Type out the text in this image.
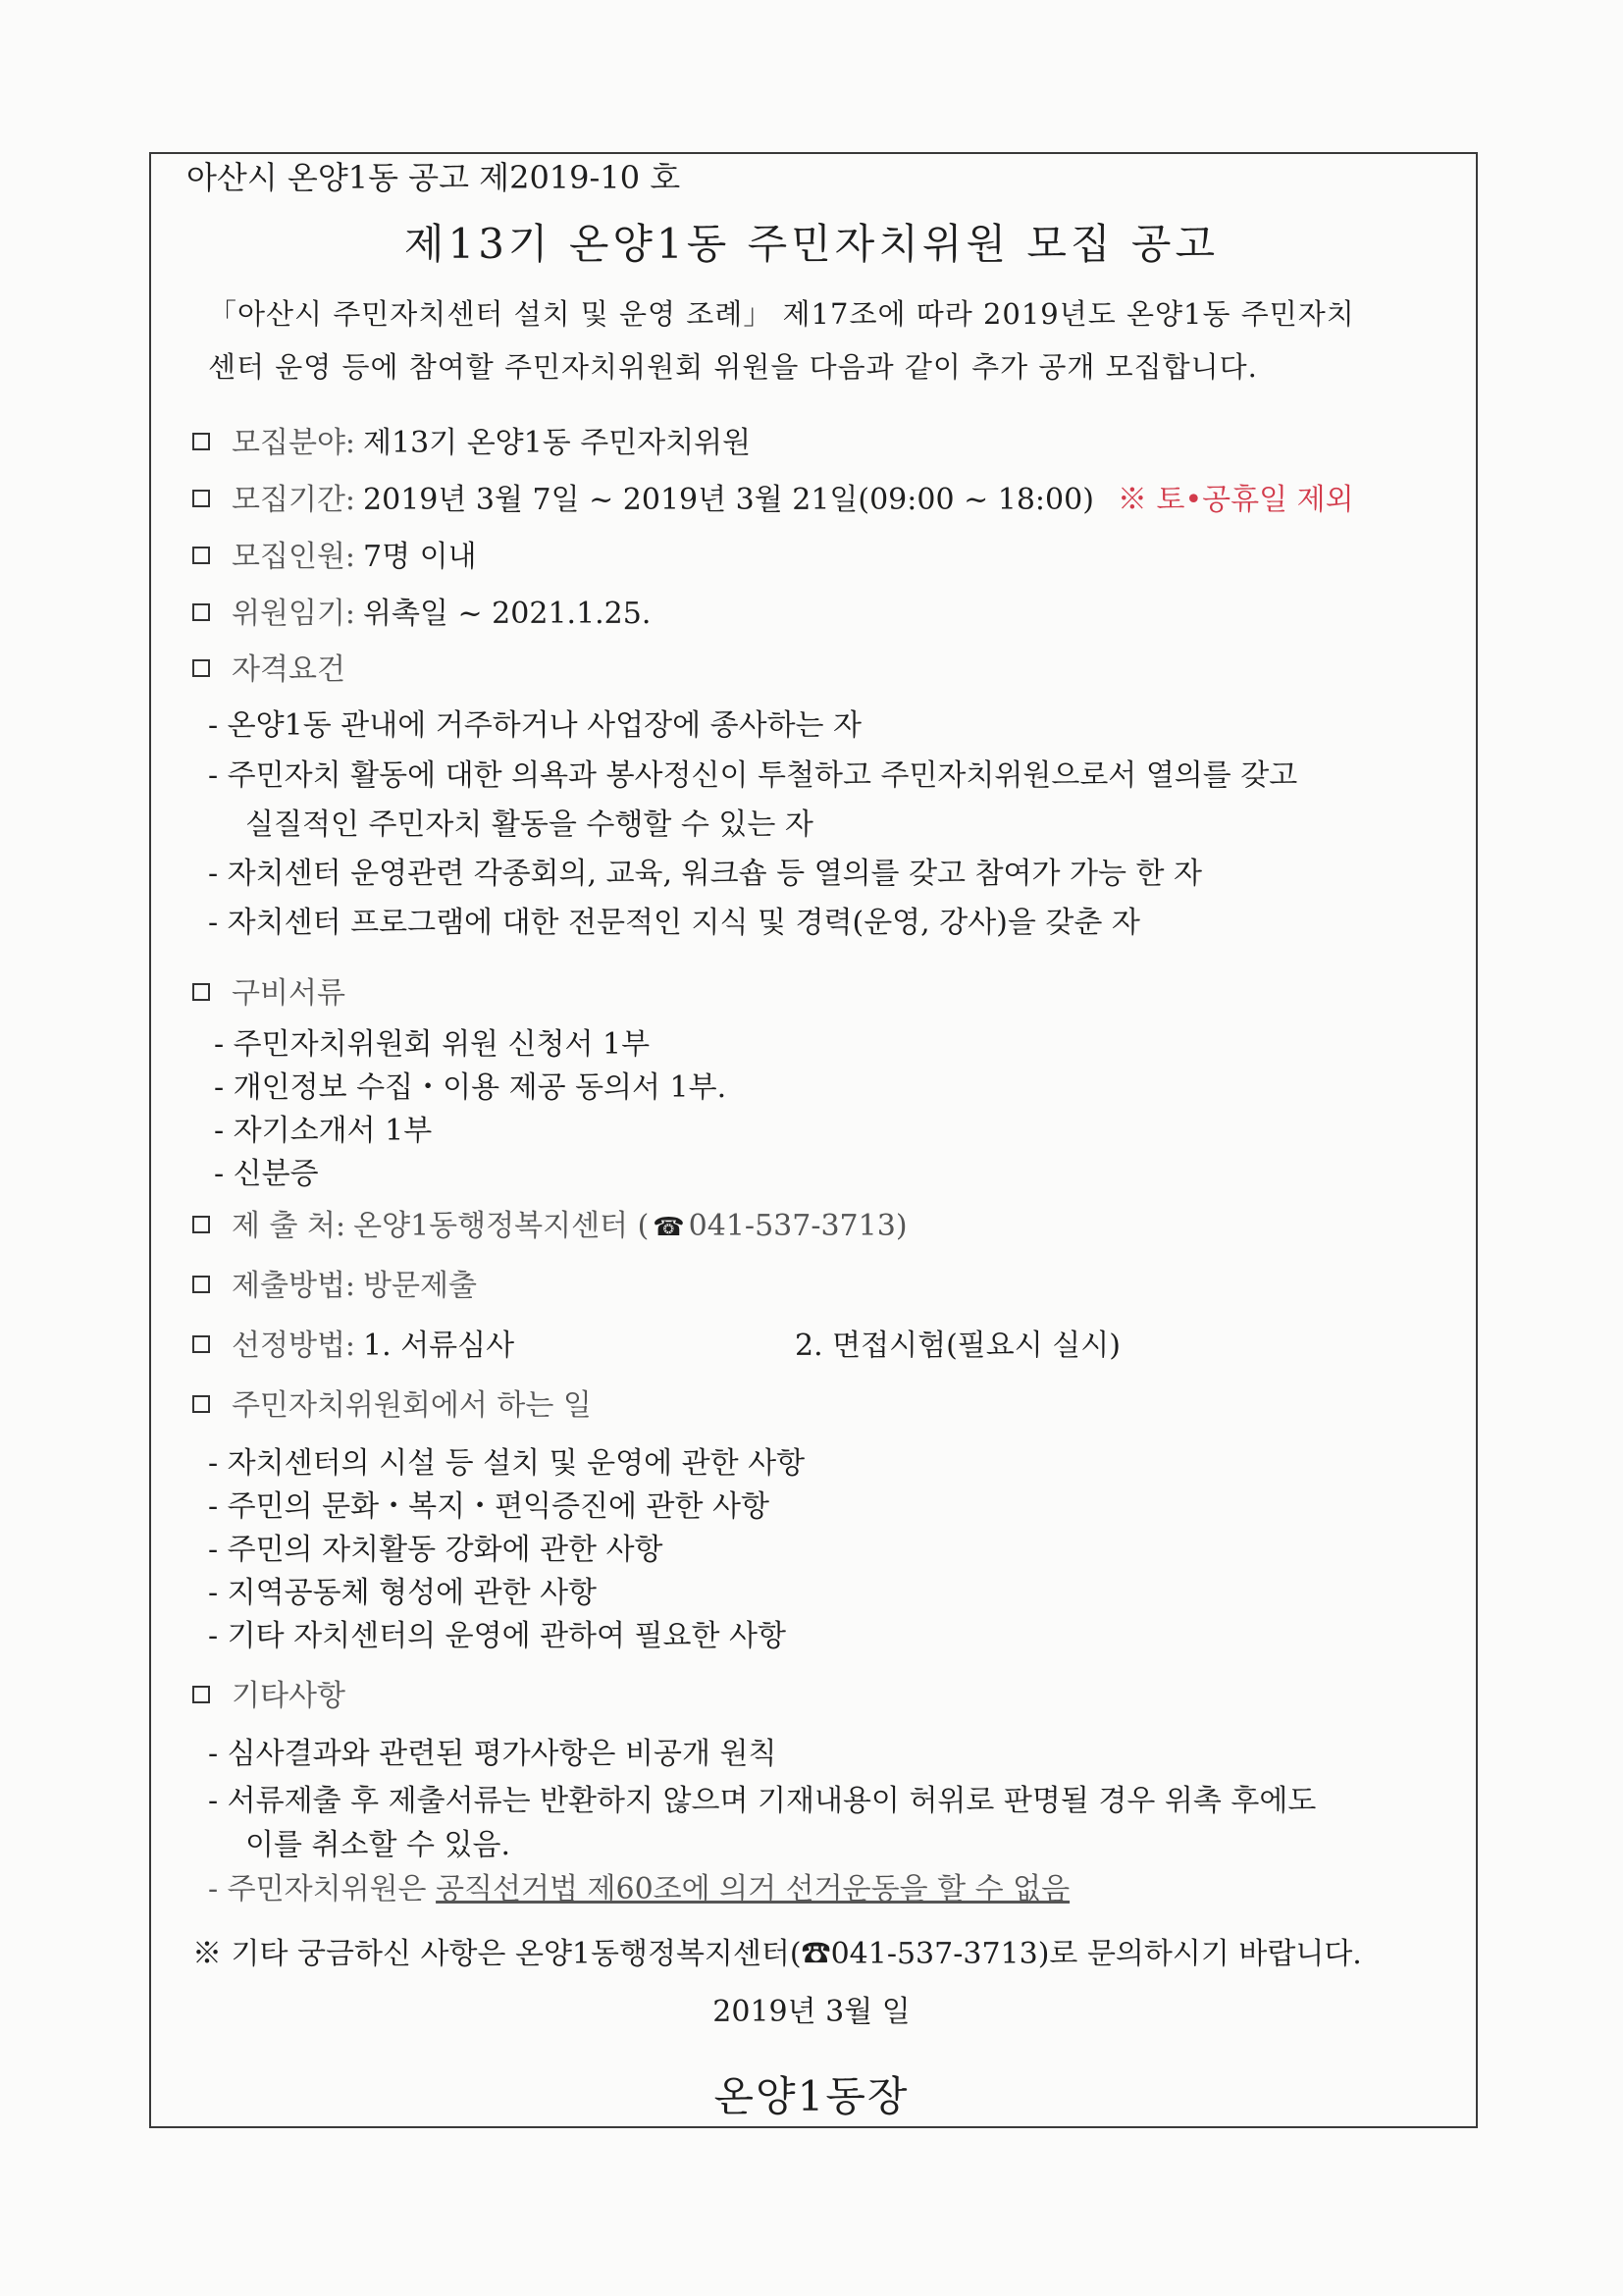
아산시 온양1동 공고 제2019-10 호
제13기 온양1동 주민자치위원 모집 공고
「아산시 주민자치센터 설치 및 운영 조례」 제17조에 따라 2019년도 온양1동 주민자치
센터 운영 등에 참여할 주민자치위원회 위원을 다음과 같이 추가 공개 모집합니다.
모집분야: 제13기 온양1동 주민자치위원
모집기간: 2019년 3월 7일 ~ 2019년 3월 21일(09:00 ~ 18:00) ※ 토•공휴일 제외
모집인원: 7명 이내
위원임기: 위촉일 ~ 2021.1.25.
자격요건
- 온양1동 관내에 거주하거나 사업장에 종사하는 자
- 주민자치 활동에 대한 의욕과 봉사정신이 투철하고 주민자치위원으로서 열의를 갖고
실질적인 주민자치 활동을 수행할 수 있는 자
- 자치센터 운영관련 각종회의, 교육, 워크숍 등 열의를 갖고 참여가 가능 한 자
- 자치센터 프로그램에 대한 전문적인 지식 및 경력(운영, 강사)을 갖춘 자
구비서류
- 주민자치위원회 위원 신청서 1부
- 개인정보 수집・이용 제공 동의서 1부.
- 자기소개서 1부
- 신분증
제 출 처: 온양1동행정복지센터 ( ☎ 041-537-3713)
제출방법: 방문제출
선정방법: 1. 서류심사	2. 면접시험(필요시 실시)
주민자치위원회에서 하는 일
- 자치센터의 시설 등 설치 및 운영에 관한 사항
- 주민의 문화・복지・편익증진에 관한 사항
- 주민의 자치활동 강화에 관한 사항
- 지역공동체 형성에 관한 사항
- 기타 자치센터의 운영에 관하여 필요한 사항
기타사항
- 심사결과와 관련된 평가사항은 비공개 원칙
- 서류제출 후 제출서류는 반환하지 않으며 기재내용이 허위로 판명될 경우 위촉 후에도
이를 취소할 수 있음.
- 주민자치위원은 공직선거법 제60조에 의거 선거운동을 할 수 없음
※ 기타 궁금하신 사항은 온양1동행정복지센터(☎041-537-3713)로 문의하시기 바랍니다.
2019년 3월 일
온양1동장
